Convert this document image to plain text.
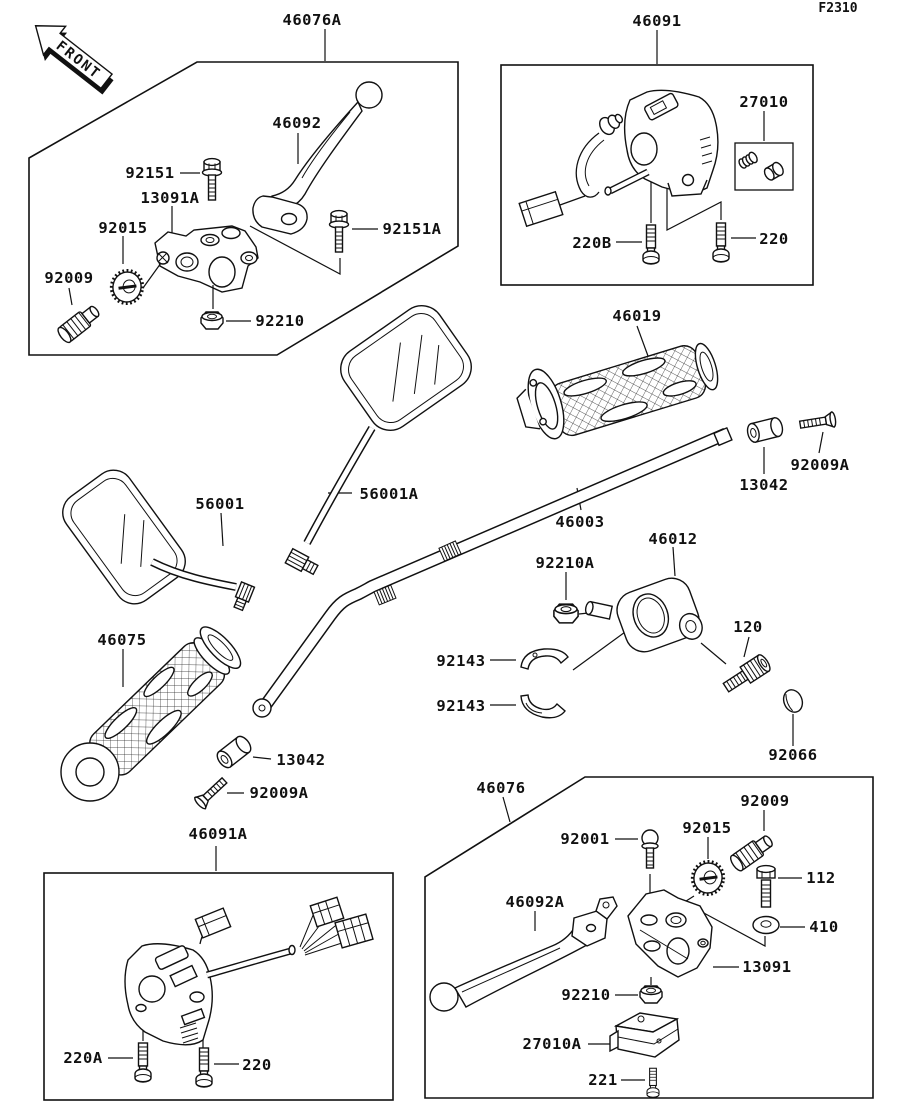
F2310
FRONT
46076A	46091
46092
92151
13091A
92015
92009
92210
92151A
27010
220B	220
46019
92009A
13042
56001A
56001
46003
46012
92210A
92143
92143
120
92066
46075
13042
92009A
46091A
220A	220
46076
92001
92015
92009
112
410
13091
46092A
92210
27010A
221
